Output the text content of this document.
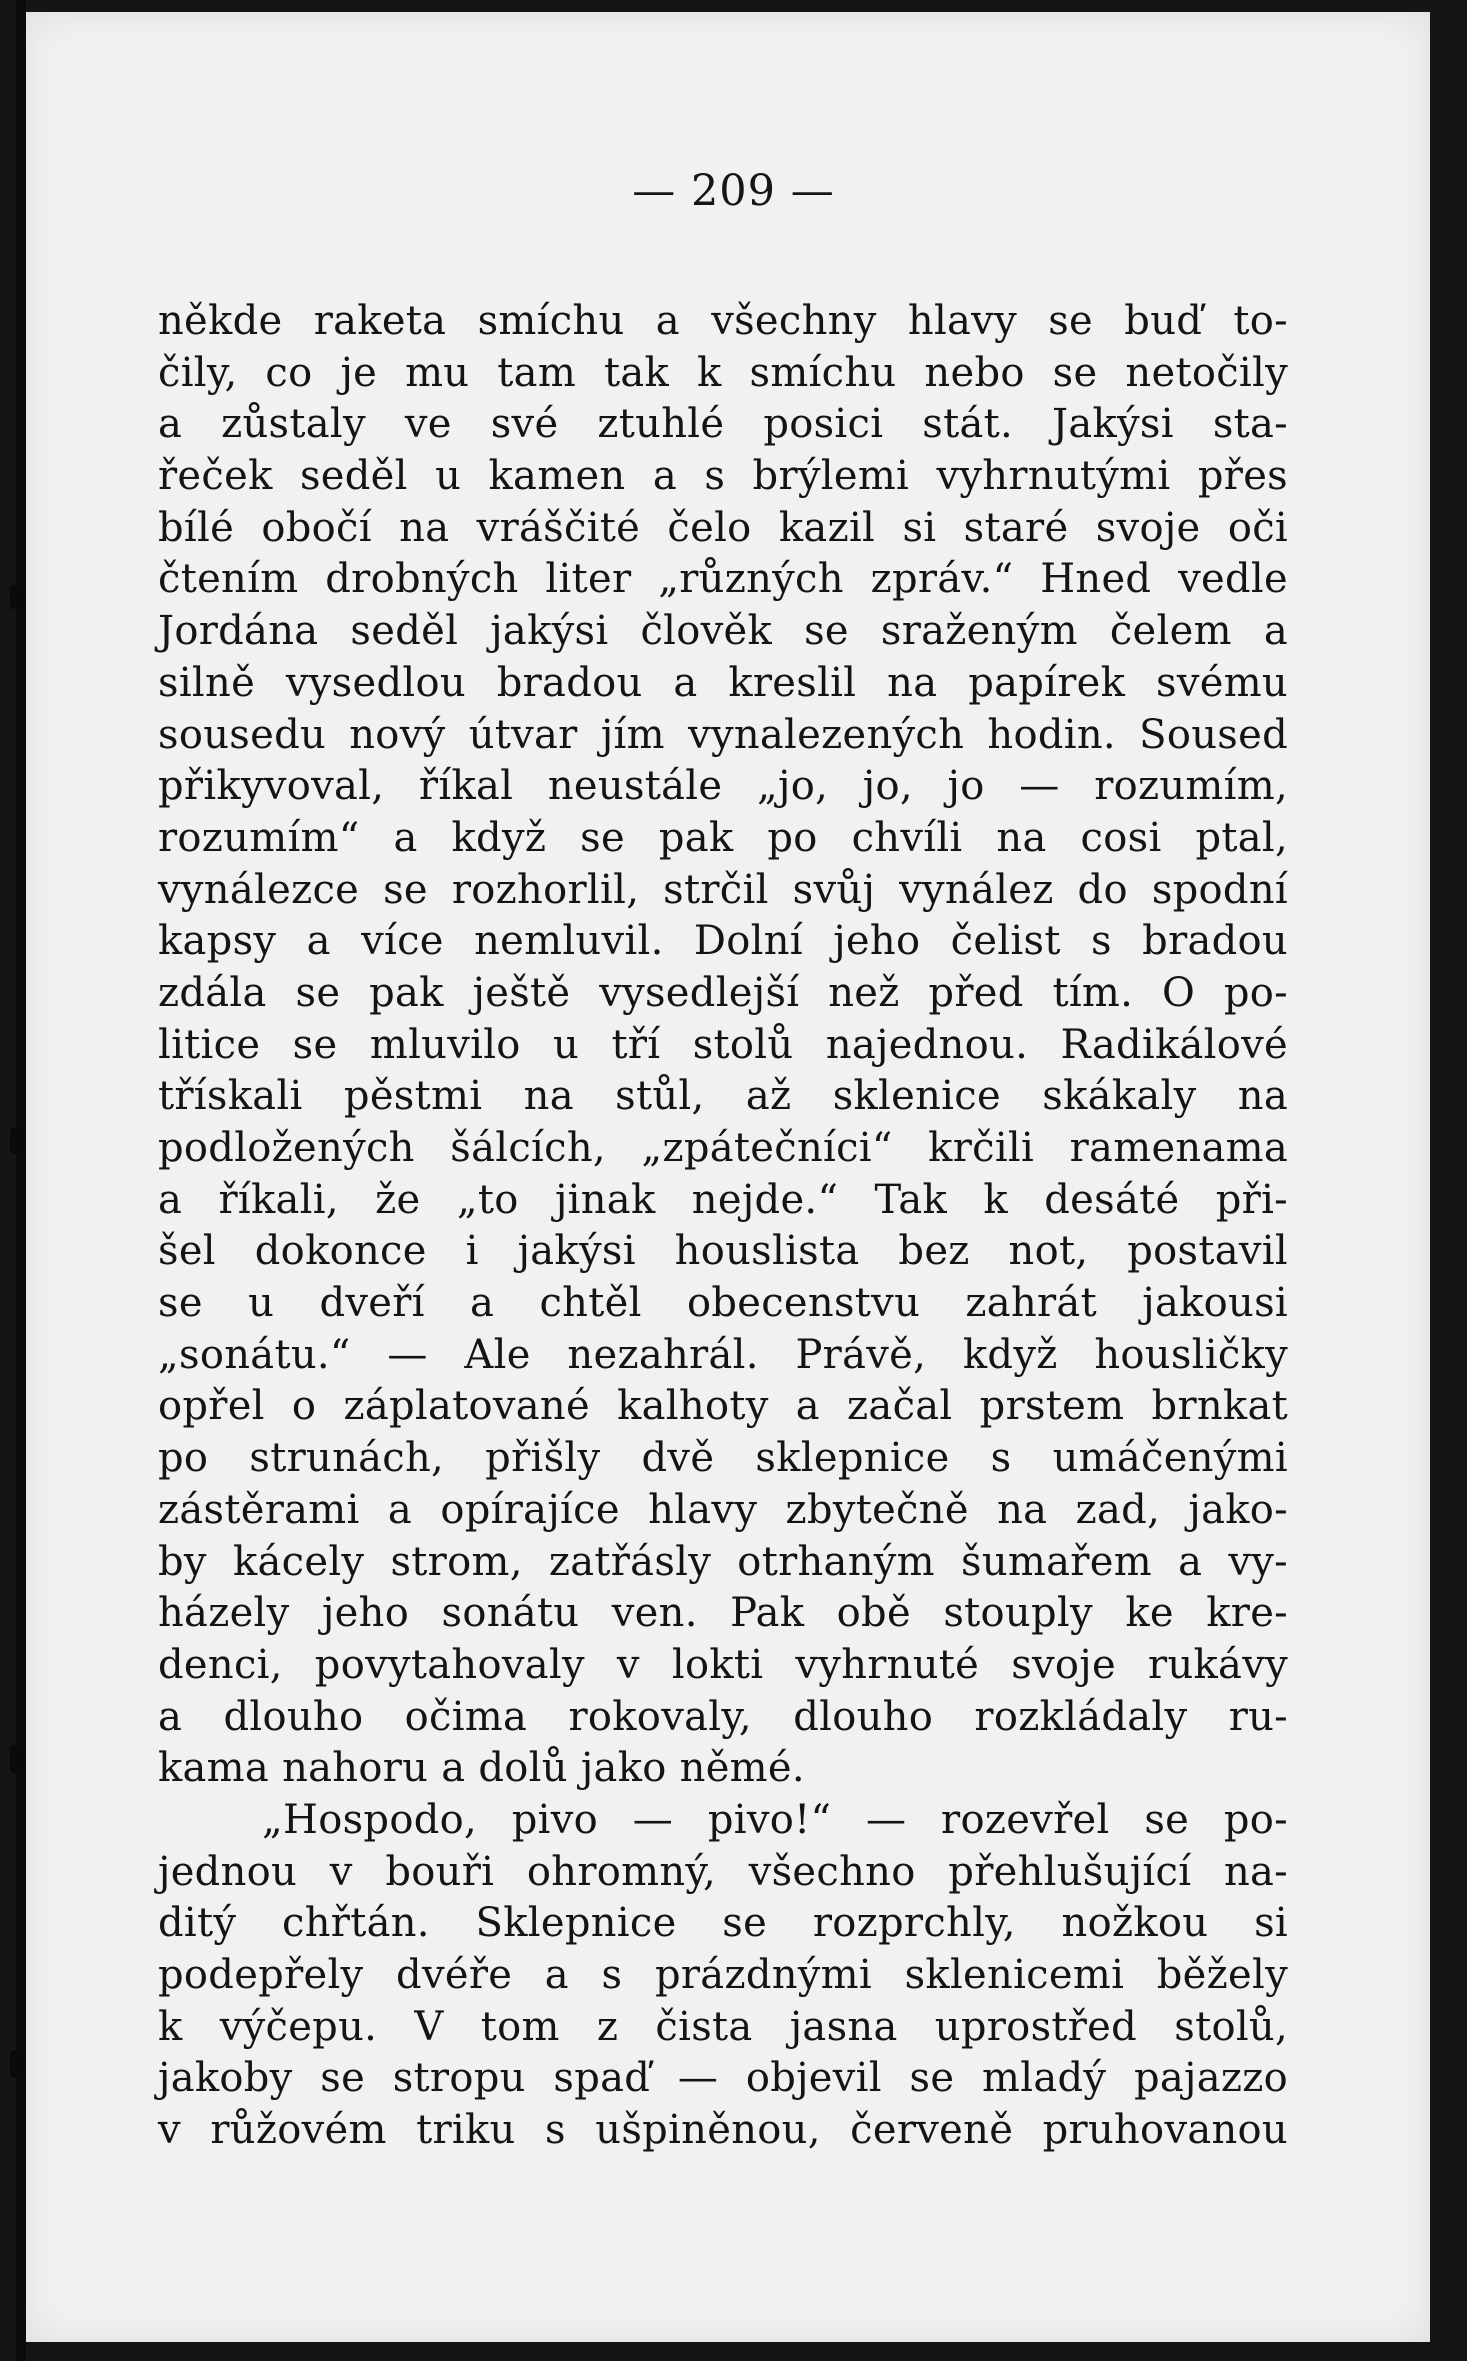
— 209 —
někde raketa smíchu a všechny hlavy se buď to-
čily, co je mu tam tak k smíchu nebo se netočily
a zůstaly ve své ztuhlé posici stát. Jakýsi sta-
řeček seděl u kamen a s brýlemi vyhrnutými přes
bílé obočí na vráščité čelo kazil si staré svoje oči
čtením drobných liter „různých zpráv.“ Hned vedle
Jordána seděl jakýsi člověk se sraženým čelem a
silně vysedlou bradou a kreslil na papírek svému
sousedu nový útvar jím vynalezených hodin. Soused
přikyvoval, říkal neustále „jo, jo, jo — rozumím,
rozumím“ a když se pak po chvíli na cosi ptal,
vynálezce se rozhorlil, strčil svůj vynález do spodní
kapsy a více nemluvil. Dolní jeho čelist s bradou
zdála se pak ještě vysedlejší než před tím. O po-
litice se mluvilo u tří stolů najednou. Radikálové
třískali pěstmi na stůl, až sklenice skákaly na
podložených šálcích, „zpátečníci“ krčili ramenama
a říkali, že „to jinak nejde.“ Tak k desáté při-
šel dokonce i jakýsi houslista bez not, postavil
se u dveří a chtěl obecenstvu zahrát jakousi
„sonátu.“ — Ale nezahrál. Právě, když housličky
opřel o záplatované kalhoty a začal prstem brnkat
po strunách, přišly dvě sklepnice s umáčenými
zástěrami a opírajíce hlavy zbytečně na zad, jako-
by kácely strom, zatřásly otrhaným šumařem a vy-
házely jeho sonátu ven. Pak obě stouply ke kre-
denci, povytahovaly v lokti vyhrnuté svoje rukávy
a dlouho očima rokovaly, dlouho rozkládaly ru-
kama nahoru a dolů jako němé.
„Hospodo, pivo — pivo!“ — rozevřel se po-
jednou v bouři ohromný, všechno přehlušující na-
ditý chřtán. Sklepnice se rozprchly, nožkou si
podepřely dvéře a s prázdnými sklenicemi běžely
k výčepu. V tom z čista jasna uprostřed stolů,
jakoby se stropu spaď — objevil se mladý pajazzo
v růžovém triku s ušpiněnou, červeně pruhovanou
